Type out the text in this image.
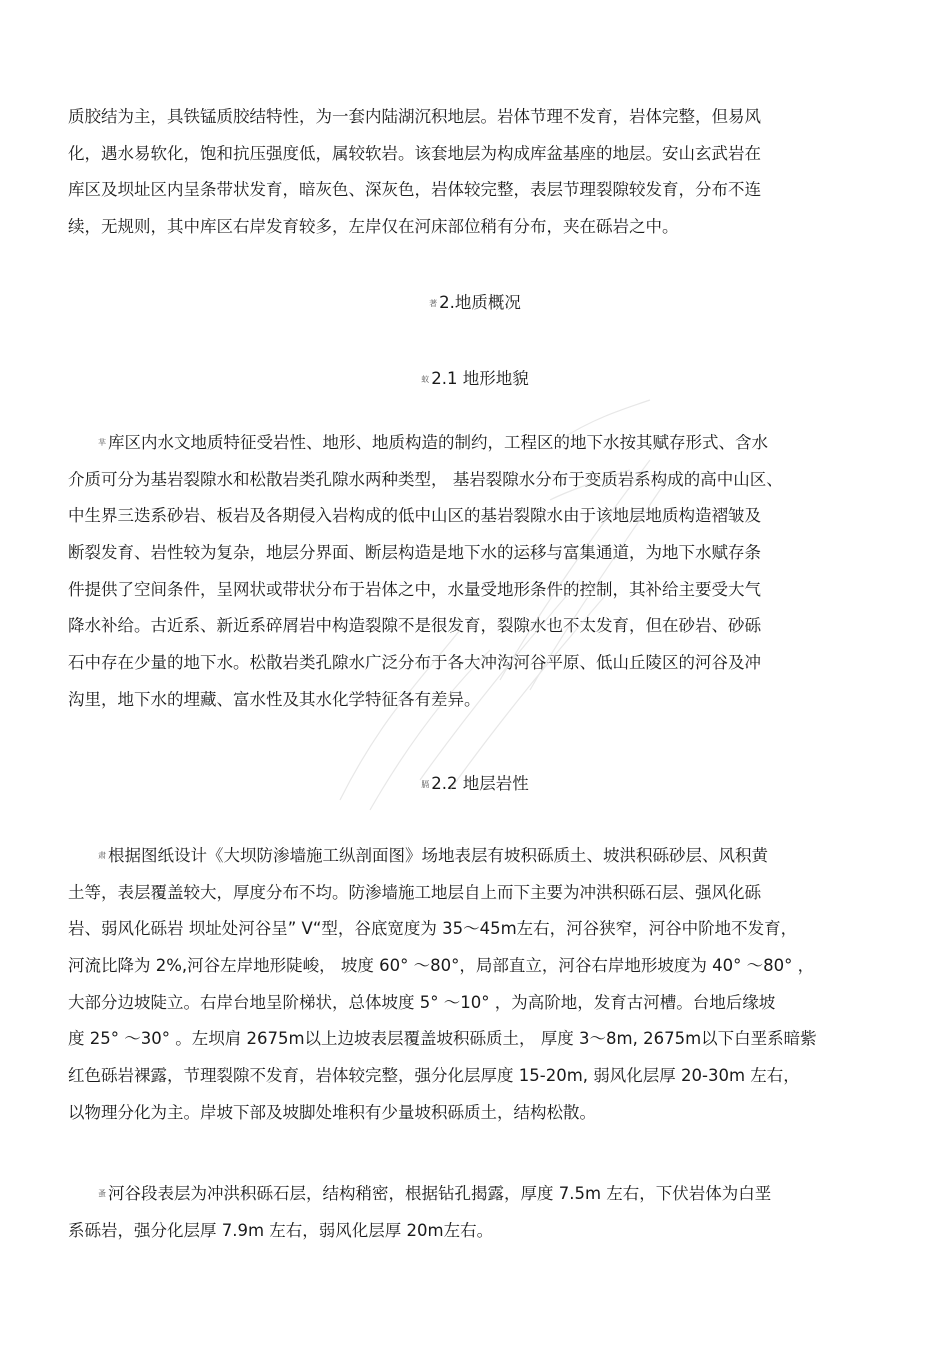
质胶结为主，具铁锰质胶结特性，为一套内陆湖沉积地层。岩体节理不发育，岩体完整，但易风
化，遇水易软化，饱和抗压强度低，属较软岩。该套地层为构成库盆基座的地层。安山玄武岩在
库区及坝址区内呈条带状发育，暗灰色、深灰色，岩体较完整，表层节理裂隙较发育，分布不连
续，无规则，其中库区右岸发育较多，左岸仅在河床部位稍有分布，夹在砾岩之中。
著 2.地质概况
蚁 2.1 地形地貌
芈 库区内水文地质特征受岩性、地形、地质构造的制约，工程区的地下水按其赋存形式、含水
介质可分为基岩裂隙水和松散岩类孔隙水两种类型， 基岩裂隙水分布于变质岩系构成的高中山区、
中生界三迭系砂岩、板岩及各期侵入岩构成的低中山区的基岩裂隙水由于该地层地质构造褶皱及
断裂发育、岩性较为复杂，地层分界面、断层构造是地下水的运移与富集通道，为地下水赋存条
件提供了空间条件，呈网状或带状分布于岩体之中，水量受地形条件的控制，其补给主要受大气
降水补给。古近系、新近系碎屑岩中构造裂隙不是很发育，裂隙水也不太发育，但在砂岩、砂砾
石中存在少量的地下水。松散岩类孔隙水广泛分布于各大冲沟河谷平原、低山丘陵区的河谷及冲
沟里，地下水的埋藏、富水性及其水化学特征各有差异。
膈 2.2 地层岩性
肃 根据图纸设计《大坝防渗墙施工纵剖面图》场地表层有坡积砾质土、坡洪积砾砂层、风积黄
土等，表层覆盖较大，厚度分布不均。防渗墙施工地层自上而下主要为冲洪积砾石层、强风化砾
岩、弱风化砾岩 坝址处河谷呈” V“型，谷底宽度为 35～45m左右，河谷狭窄，河谷中阶地不发育，
河流比降为 2%,河谷左岸地形陡峻， 坡度 60° ～80°，局部直立，河谷右岸地形坡度为 40° ～80° ，
大部分边坡陡立。右岸台地呈阶梯状，总体坡度 5° ～10° ，为高阶地，发育古河槽。台地后缘坡
度 25° ～30° 。左坝肩 2675m以上边坡表层覆盖坡积砾质土， 厚度 3～8m, 2675m以下白垩系暗紫
红色砾岩裸露，节理裂隙不发育，岩体较完整，强分化层厚度 15-20m, 弱风化层厚 20-30m 左右，
以物理分化为主。岸坡下部及坡脚处堆积有少量坡积砾质土，结构松散。
蚤 河谷段表层为冲洪积砾石层，结构稍密，根据钻孔揭露，厚度 7.5m 左右，下伏岩体为白垩
系砾岩，强分化层厚 7.9m 左右，弱风化层厚 20m左右。
